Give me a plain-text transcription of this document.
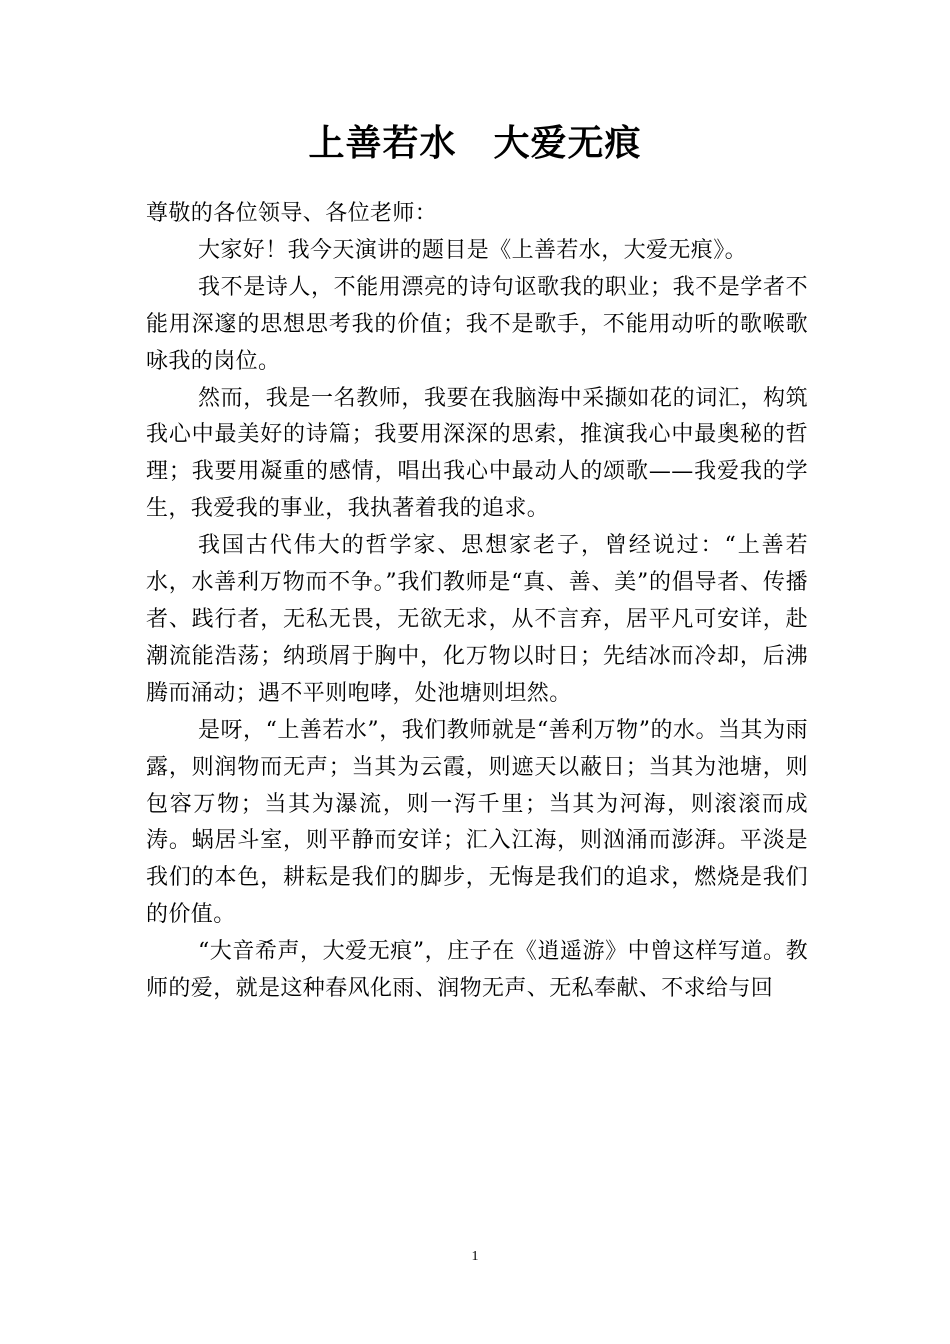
上善若水　大爱无痕

尊敬的各位领导、各位老师：

大家好！我今天演讲的题目是《上善若水，大爱无痕》。

我不是诗人，不能用漂亮的诗句讴歌我的职业；我不是学者不能用深邃的思想思考我的价值；我不是歌手，不能用动听的歌喉歌咏我的岗位。

然而，我是一名教师，我要在我脑海中采撷如花的词汇，构筑我心中最美好的诗篇；我要用深深的思索，推演我心中最奥秘的哲理；我要用凝重的感情，唱出我心中最动人的颂歌——我爱我的学生，我爱我的事业，我执著着我的追求。

我国古代伟大的哲学家、思想家老子，曾经说过：“上善若水，水善利万物而不争。”我们教师是“真、善、美”的倡导者、传播者、践行者，无私无畏，无欲无求，从不言弃，居平凡可安详，赴潮流能浩荡；纳琐屑于胸中，化万物以时日；先结冰而冷却，后沸腾而涌动；遇不平则咆哮，处池塘则坦然。

是呀，“上善若水”，我们教师就是“善利万物”的水。当其为雨露，则润物而无声；当其为云霞，则遮天以蔽日；当其为池塘，则包容万物；当其为瀑流，则一泻千里；当其为河海，则滚滚而成涛。蜗居斗室，则平静而安详；汇入江海，则汹涌而澎湃。平淡是我们的本色，耕耘是我们的脚步，无悔是我们的追求，燃烧是我们的价值。

“大音希声，大爱无痕”，庄子在《逍遥游》中曾这样写道。教师的爱，就是这种春风化雨、润物无声、无私奉献、不求给与回

1
